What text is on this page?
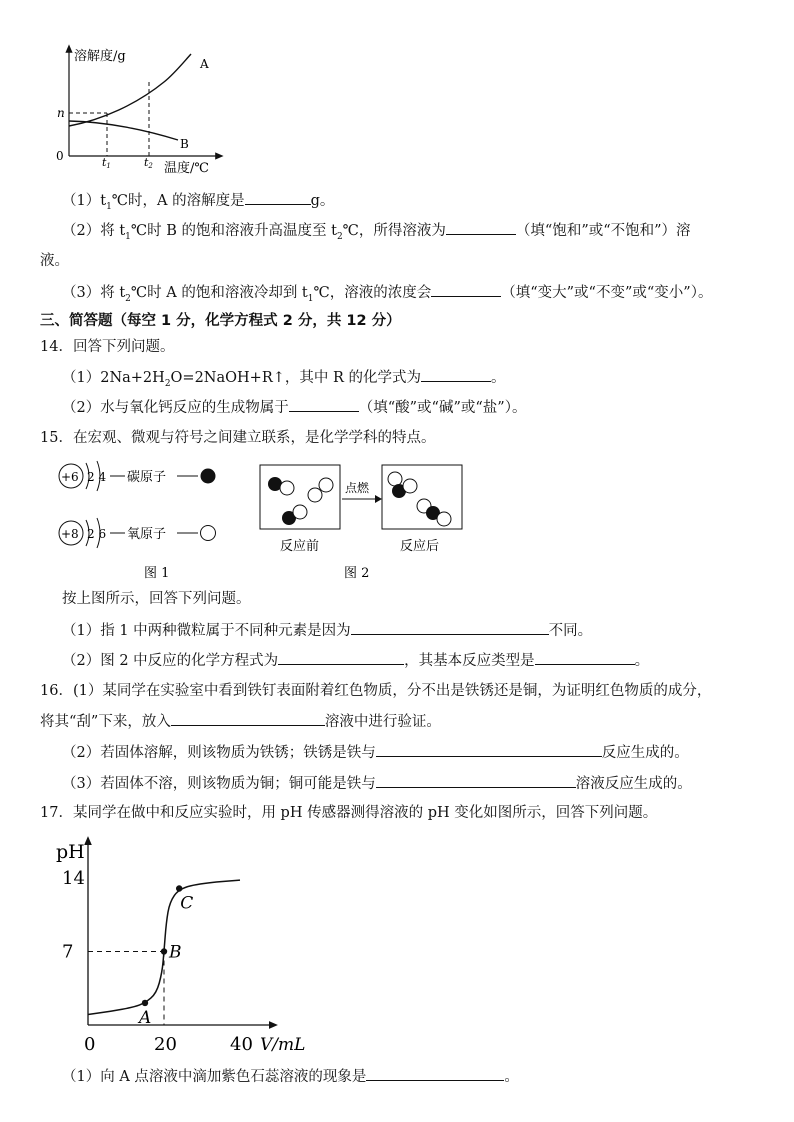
溶解度/g	A
B
n
0	t1	t2 温度/℃
$(1)t_1℃$时，A 的溶解度是	g。
（2）将 $t_1℃$时 B 的饱和溶液升高温度至 $t_2℃$，所得溶液为	（填“饱和”或“不饱和”）溶
液。
（3）将 $t_2℃$时 A 的饱和溶液冷却到 $t_1℃$，溶液的浓度会	（填“变大”或“不变”或“变小”）。
三、简答题（每空 1 分，化学方程式 2 分，共 12 分）
14．回答下列问题。
$(1)2Na+2H_2O=2NaOH+R↑$，其中 R 的化学式为	。
（2）水与氧化钙反应的生成物属于	（填“酸”或“碱”或“盐”）。
15．在宏观、微观与符号之间建立联系，是化学学科的特点。
+6 2 4 碳原子
+8 2 6 氧原子
图 1
点燃
反应前	反应后
图 2
按上图所示，回答下列问题。
（1）指 1 中两种微粒属于不同种元素是因为	不同。
（2）图 2 中反应的化学方程式为	，其基本反应类型是	。
16．(1）某同学在实验室中看到铁钉表面附着红色物质，分不出是铁锈还是铜，为证明红色物质的成分，
将其“刮”下来，放入	溶液中进行验证。
（2）若固体溶解，则该物质为铁锈；铁锈是铁与	反应生成的。
（3）若固体不溶，则该物质为铜；铜可能是铁与	溶液反应生成的。
17．某同学在做中和反应实验时，用 pH 传感器测得溶液的 pH 变化如图所示，回答下列问题。
pH
V/mL
7
14
0	20	40
A
B
C
（1）向 A 点溶液中滴加紫色石蕊溶液的现象是	。
